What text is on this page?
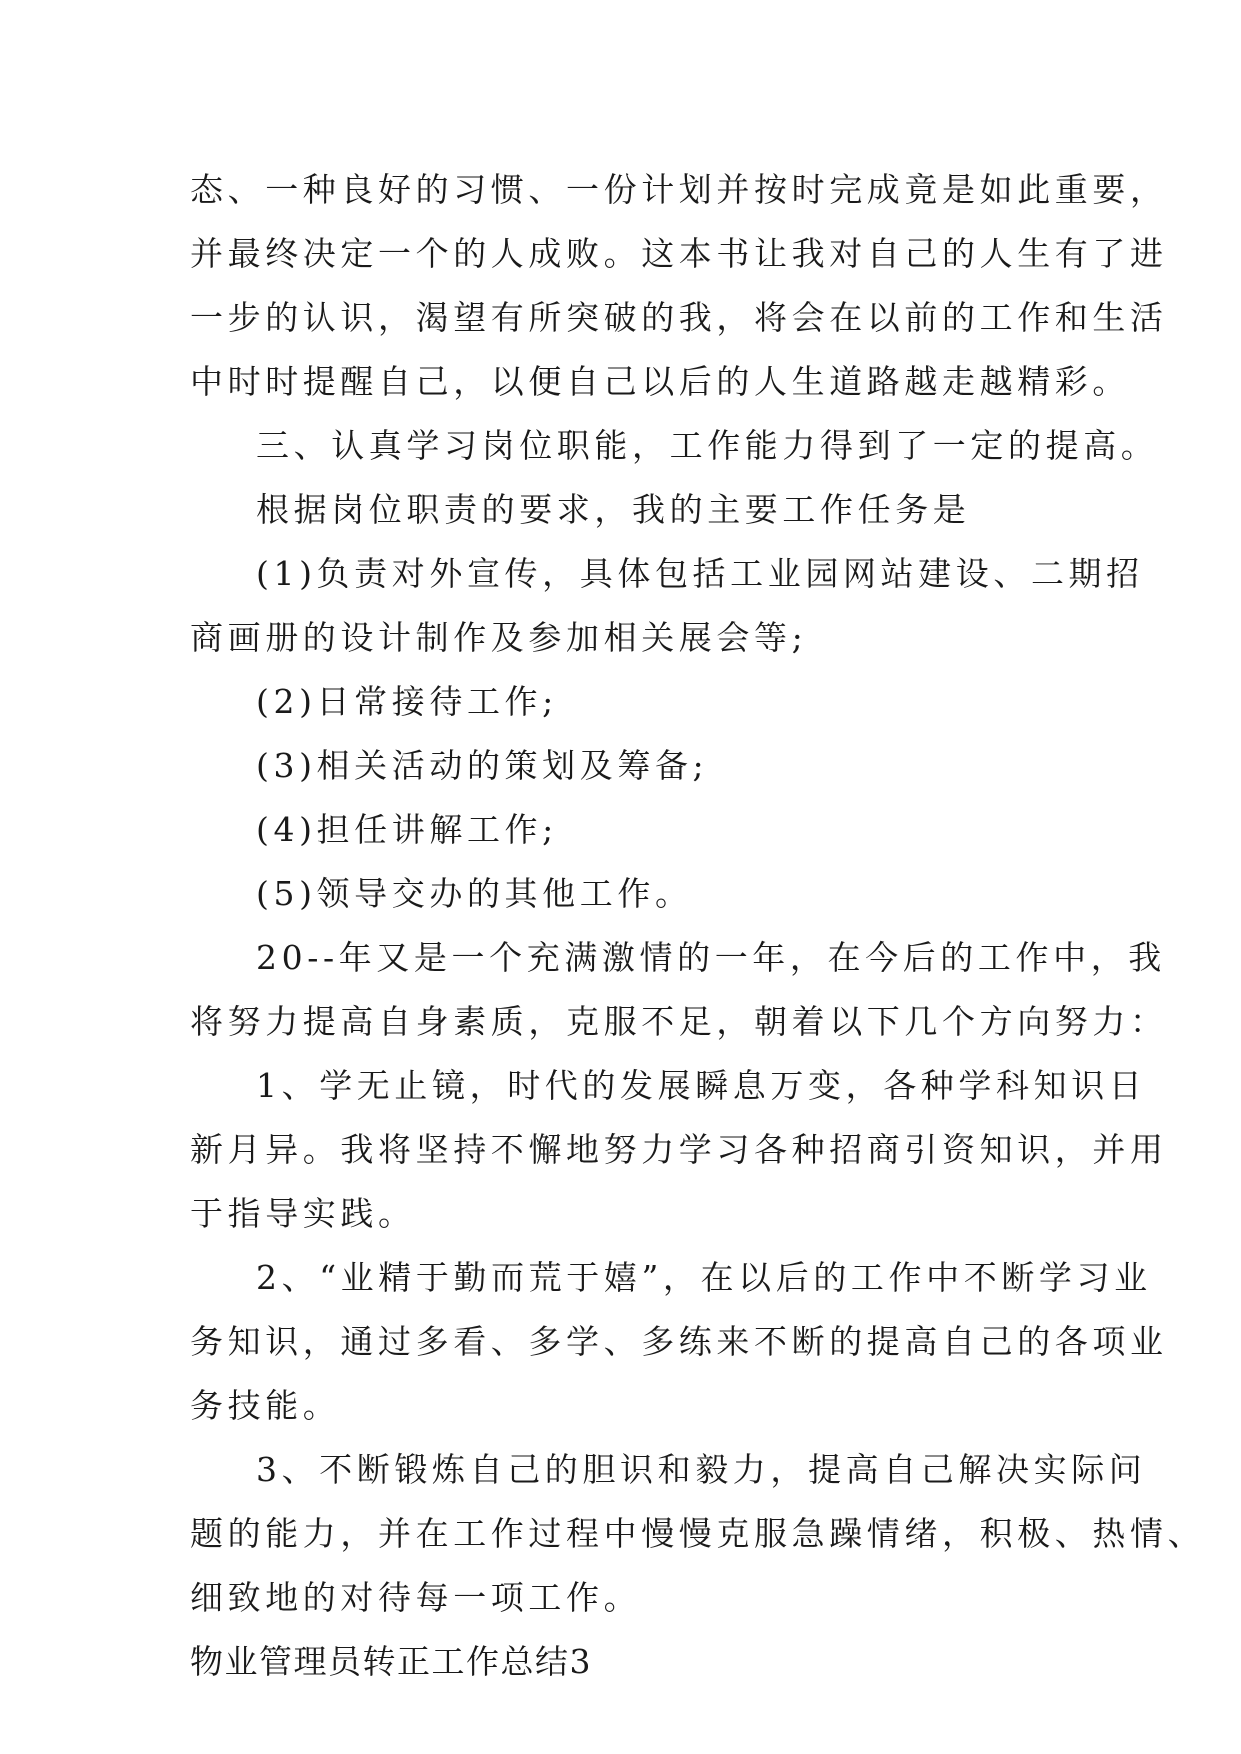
态、一种良好的习惯、一份计划并按时完成竟是如此重要，

并最终决定一个的人成败。这本书让我对自己的人生有了进

一步的认识，渴望有所突破的我，将会在以前的工作和生活

中时时提醒自己，以便自己以后的人生道路越走越精彩。

三、认真学习岗位职能，工作能力得到了一定的提高。

根据岗位职责的要求，我的主要工作任务是

(1)负责对外宣传，具体包括工业园网站建设、二期招

商画册的设计制作及参加相关展会等;

(2)日常接待工作;

(3)相关活动的策划及筹备;

(4)担任讲解工作;

(5)领导交办的其他工作。

20--年又是一个充满激情的一年，在今后的工作中，我

将努力提高自身素质，克服不足，朝着以下几个方向努力：

1、学无止镜，时代的发展瞬息万变，各种学科知识日

新月异。我将坚持不懈地努力学习各种招商引资知识，并用

于指导实践。

2、“业精于勤而荒于嬉”，在以后的工作中不断学习业

务知识，通过多看、多学、多练来不断的提高自己的各项业

务技能。

3、不断锻炼自己的胆识和毅力，提高自己解决实际问

题的能力，并在工作过程中慢慢克服急躁情绪，积极、热情、

细致地的对待每一项工作。

物业管理员转正工作总结3
